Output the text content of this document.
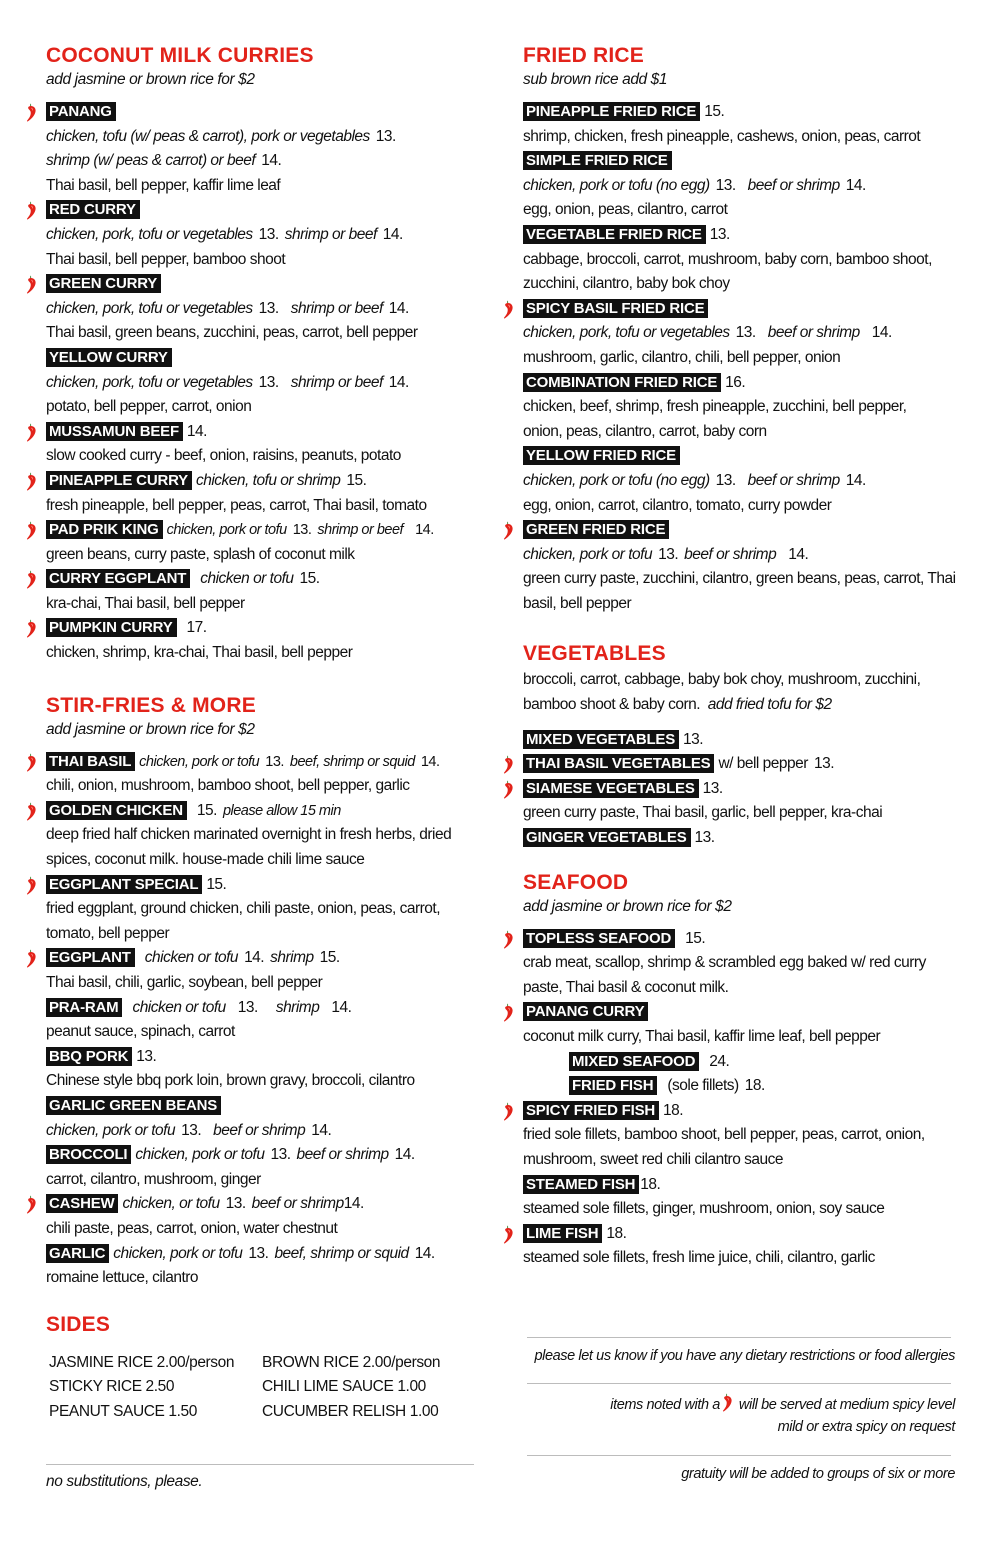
COCONUT MILK CURRIES
add jasmine or brown rice for $2
PANANG
chicken, tofu (w/ peas & carrot), pork or vegetables 13.
shrimp (w/ peas & carrot) or beef 14.
Thai basil, bell pepper, kaffir lime leaf
RED CURRY
chicken, pork, tofu or vegetables 13. shrimp or beef 14.
Thai basil, bell pepper, bamboo shoot
GREEN CURRY
chicken, pork, tofu or vegetables 13. shrimp or beef 14.
Thai basil, green beans, zucchini, peas, carrot, bell pepper
YELLOW CURRY
chicken, pork, tofu or vegetables 13. shrimp or beef 14.
potato, bell pepper, carrot, onion
MUSSAMUN BEEF 14.
slow cooked curry - beef, onion, raisins, peanuts, potato
PINEAPPLE CURRY chicken, tofu or shrimp 15.
fresh pineapple, bell pepper, peas, carrot, Thai basil, tomato
PAD PRIK KING chicken, pork or tofu 13. shrimp or beef 14.
green beans, curry paste, splash of coconut milk
CURRY EGGPLANT chicken or tofu 15.
kra-chai, Thai basil, bell pepper
PUMPKIN CURRY 17.
chicken, shrimp, kra-chai, Thai basil, bell pepper
STIR-FRIES & MORE
add jasmine or brown rice for $2
THAI BASIL chicken, pork or tofu 13. beef, shrimp or squid 14.
chili, onion, mushroom, bamboo shoot, bell pepper, garlic
GOLDEN CHICKEN 15. please allow 15 min
deep fried half chicken marinated overnight in fresh herbs, dried spices, coconut milk. house-made chili lime sauce
EGGPLANT SPECIAL 15.
fried eggplant, ground chicken, chili paste, onion, peas, carrot, tomato, bell pepper
EGGPLANT chicken or tofu 14. shrimp 15.
Thai basil, chili, garlic, soybean, bell pepper
PRA-RAM chicken or tofu 13. shrimp 14.
peanut sauce, spinach, carrot
BBQ PORK 13.
Chinese style bbq pork loin, brown gravy, broccoli, cilantro
GARLIC GREEN BEANS
chicken, pork or tofu 13. beef or shrimp 14.
BROCCOLI chicken, pork or tofu 13. beef or shrimp 14.
carrot, cilantro, mushroom, ginger
CASHEW chicken, or tofu 13. beef or shrimp14.
chili paste, peas, carrot, onion, water chestnut
GARLIC chicken, pork or tofu 13. beef, shrimp or squid 14.
romaine lettuce, cilantro
SIDES
JASMINE RICE 2.00/person	BROWN RICE 2.00/person
STICKY RICE 2.50	CHILI LIME SAUCE 1.00
PEANUT SAUCE 1.50	CUCUMBER RELISH 1.00
no substitutions, please.
FRIED RICE
sub brown rice add $1
PINEAPPLE FRIED RICE 15.
shrimp, chicken, fresh pineapple, cashews, onion, peas, carrot
SIMPLE FRIED RICE
chicken, pork or tofu (no egg) 13. beef or shrimp 14.
egg, onion, peas, cilantro, carrot
VEGETABLE FRIED RICE 13.
cabbage, broccoli, carrot, mushroom, baby corn, bamboo shoot, zucchini, cilantro, baby bok choy
SPICY BASIL FRIED RICE
chicken, pork, tofu or vegetables 13. beef or shrimp 14.
mushroom, garlic, cilantro, chili, bell pepper, onion
COMBINATION FRIED RICE 16.
chicken, beef, shrimp, fresh pineapple, zucchini, bell pepper, onion, peas, cilantro, carrot, baby corn
YELLOW FRIED RICE
chicken, pork or tofu (no egg) 13. beef or shrimp 14.
egg, onion, carrot, cilantro, tomato, curry powder
GREEN FRIED RICE
chicken, pork or tofu 13. beef or shrimp 14.
green curry paste, zucchini, cilantro, green beans, peas, carrot, Thai basil, bell pepper
VEGETABLES
broccoli, carrot, cabbage, baby bok choy, mushroom, zucchini, bamboo shoot & baby corn. add fried tofu for $2
MIXED VEGETABLES 13.
THAI BASIL VEGETABLES w/ bell pepper 13.
SIAMESE VEGETABLES 13.
green curry paste, Thai basil, garlic, bell pepper, kra-chai
GINGER VEGETABLES 13.
SEAFOOD
add jasmine or brown rice for $2
TOPLESS SEAFOOD 15.
crab meat, scallop, shrimp & scrambled egg baked w/ red curry paste, Thai basil & coconut milk.
PANANG CURRY
coconut milk curry, Thai basil, kaffir lime leaf, bell pepper
MIXED SEAFOOD 24.
FRIED FISH (sole fillets) 18.
SPICY FRIED FISH 18.
fried sole fillets, bamboo shoot, bell pepper, peas, carrot, onion, mushroom, sweet red chili cilantro sauce
STEAMED FISH 18.
steamed sole fillets, ginger, mushroom, onion, soy sauce
LIME FISH 18.
steamed sole fillets, fresh lime juice, chili, cilantro, garlic
please let us know if you have any dietary restrictions or food allergies
items noted with a will be served at medium spicy level
mild or extra spicy on request
gratuity will be added to groups of six or more
